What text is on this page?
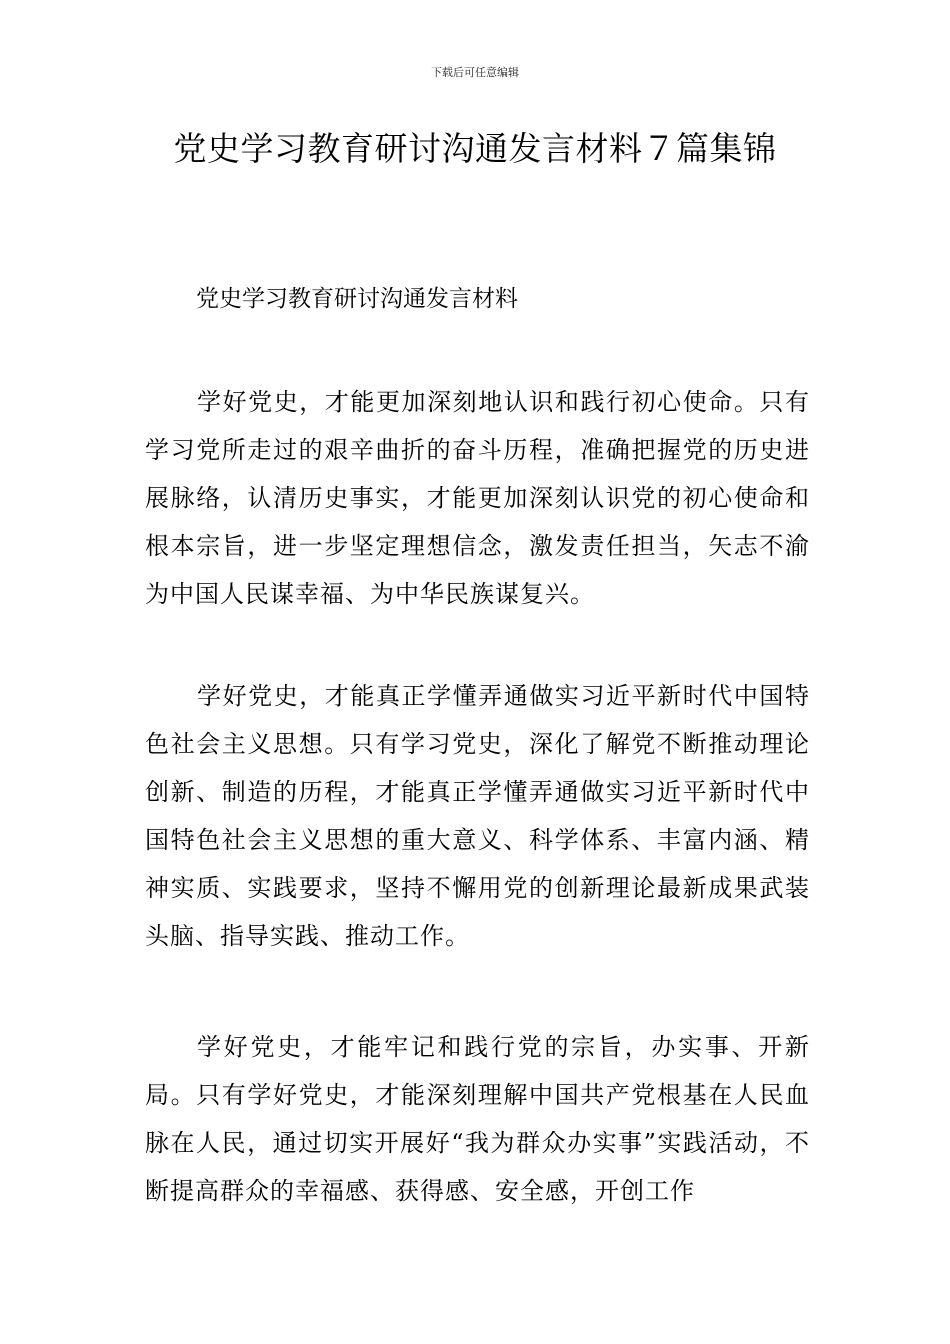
下载后可任意编辑
党史学习教育研讨沟通发言材料７篇集锦

党史学习教育研讨沟通发言材料

学好党史，才能更加深刻地认识和践行初心使命。只有学习党所走过的艰辛曲折的奋斗历程，准确把握党的历史进展脉络，认清历史事实，才能更加深刻认识党的初心使命和根本宗旨，进一步坚定理想信念，激发责任担当，矢志不渝为中国人民谋幸福、为中华民族谋复兴。

学好党史，才能真正学懂弄通做实习近平新时代中国特色社会主义思想。只有学习党史，深化了解党不断推动理论创新、制造的历程，才能真正学懂弄通做实习近平新时代中国特色社会主义思想的重大意义、科学体系、丰富内涵、精神实质、实践要求，坚持不懈用党的创新理论最新成果武装头脑、指导实践、推动工作。

学好党史，才能牢记和践行党的宗旨，办实事、开新局。只有学好党史，才能深刻理解中国共产党根基在人民血脉在人民，通过切实开展好“我为群众办实事”实践活动，不断提高群众的幸福感、获得感、安全感，开创工作
